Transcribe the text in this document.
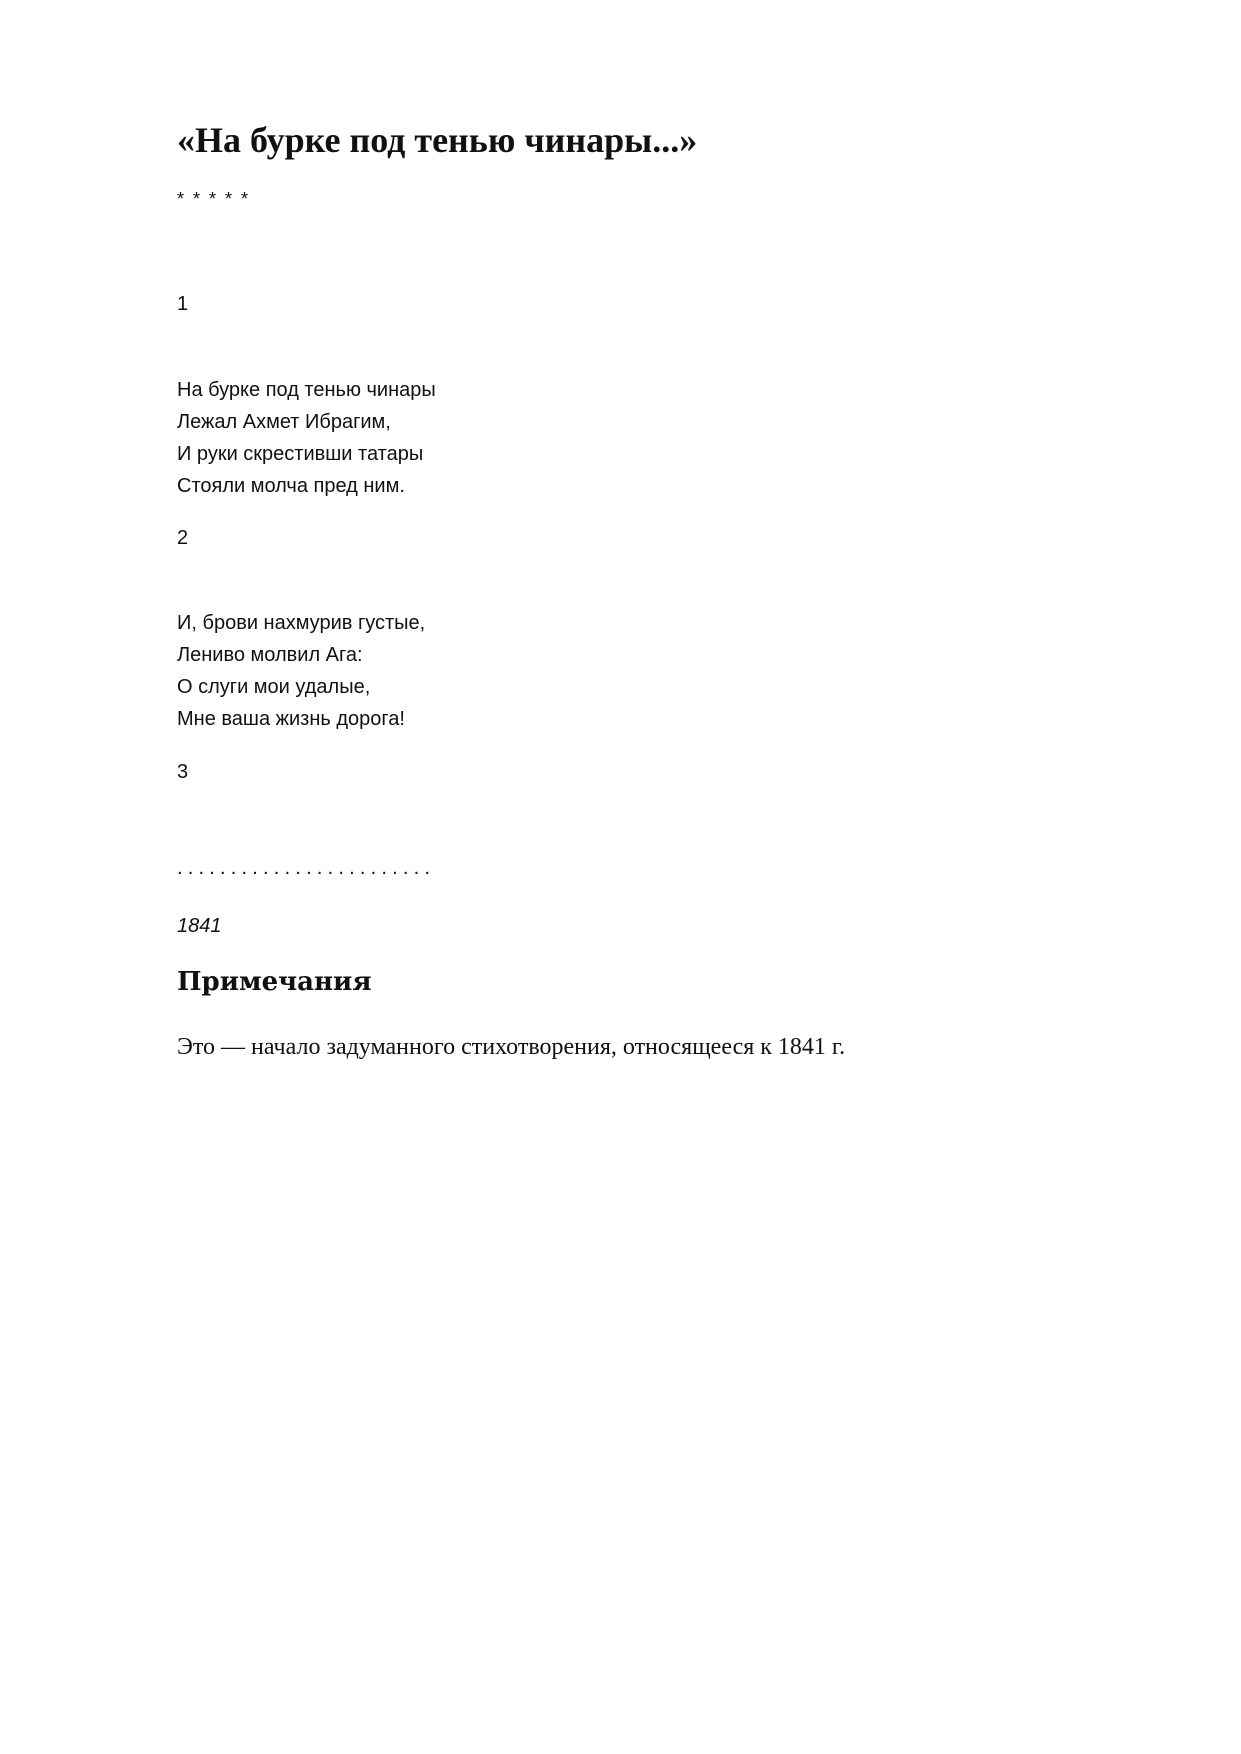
«На бурке под тенью чинары...»
* * * * *
1
На бурке под тенью чинары
Лежал Ахмет Ибрагим,
И руки скрестивши татары
Стояли молча пред ним.
2
И, брови нахмурив густые,
Лениво молвил Ага:
О слуги мои удалые,
Мне ваша жизнь дорога!
3
........................
1841
Примечания
Это — начало задуманного стихотворения, относящееся к 1841 г.
